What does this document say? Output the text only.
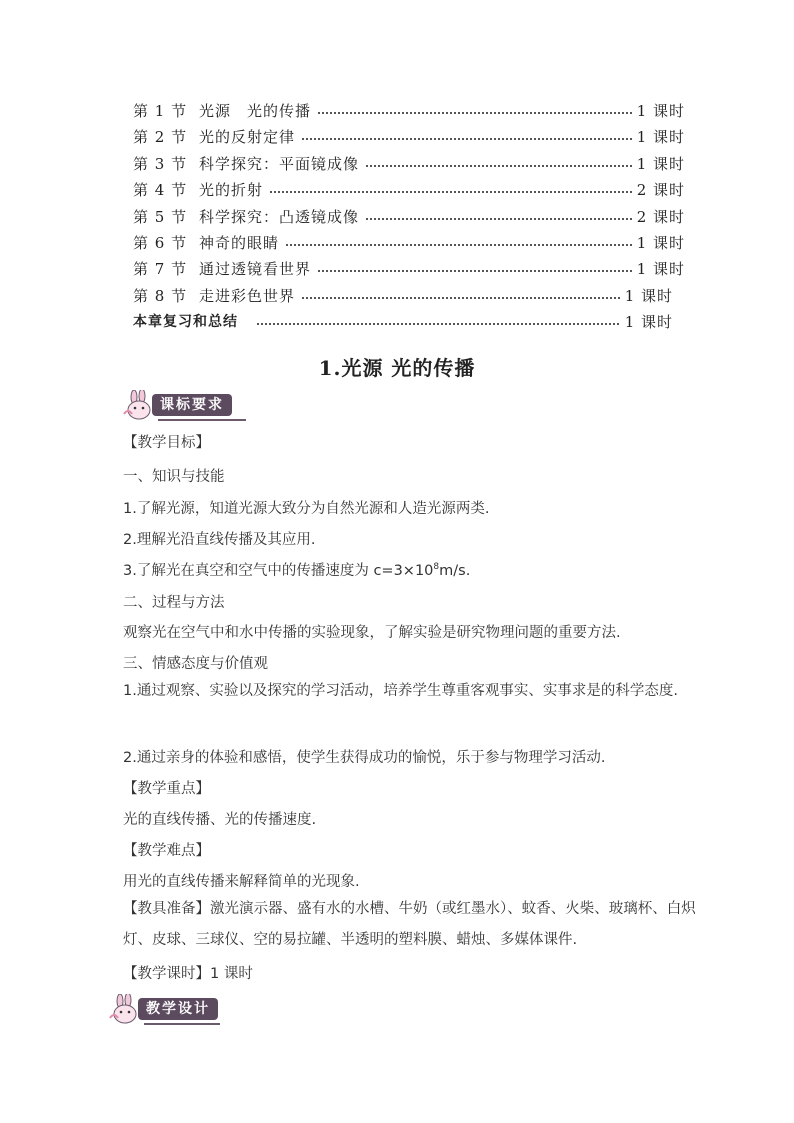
第 1 节 光源　光的传播	1 课时
第 2 节 光的反射定律	1 课时
第 3 节 科学探究：平面镜成像	1 课时
第 4 节 光的折射	2 课时
第 5 节 科学探究：凸透镜成像	2 课时
第 6 节 神奇的眼睛	1 课时
第 7 节 通过透镜看世界	1 课时
第 8 节 走进彩色世界	1 课时
本章复习和总结	1 课时
1.光源 光的传播
课标要求
【教学目标】
一、知识与技能
1.了解光源，知道光源大致分为自然光源和人造光源两类.
2.理解光沿直线传播及其应用.
3.了解光在真空和空气中的传播速度为 $c=3\times 10^8m/s$.
二、过程与方法
观察光在空气中和水中传播的实验现象，了解实验是研究物理问题的重要方法.
三、情感态度与价值观
1.通过观察、实验以及探究的学习活动，培养学生尊重客观事实、实事求是的科学态度.
2.通过亲身的体验和感悟，使学生获得成功的愉悦，乐于参与物理学习活动.
【教学重点】
光的直线传播、光的传播速度.
【教学难点】
用光的直线传播来解释简单的光现象.
【教具准备】激光演示器、盛有水的水槽、牛奶（或红墨水）、蚊香、火柴、玻璃杯、白炽灯、皮球、三球仪、空的易拉罐、半透明的塑料膜、蜡烛、多媒体课件.
【教学课时】1 课时
教学设计
